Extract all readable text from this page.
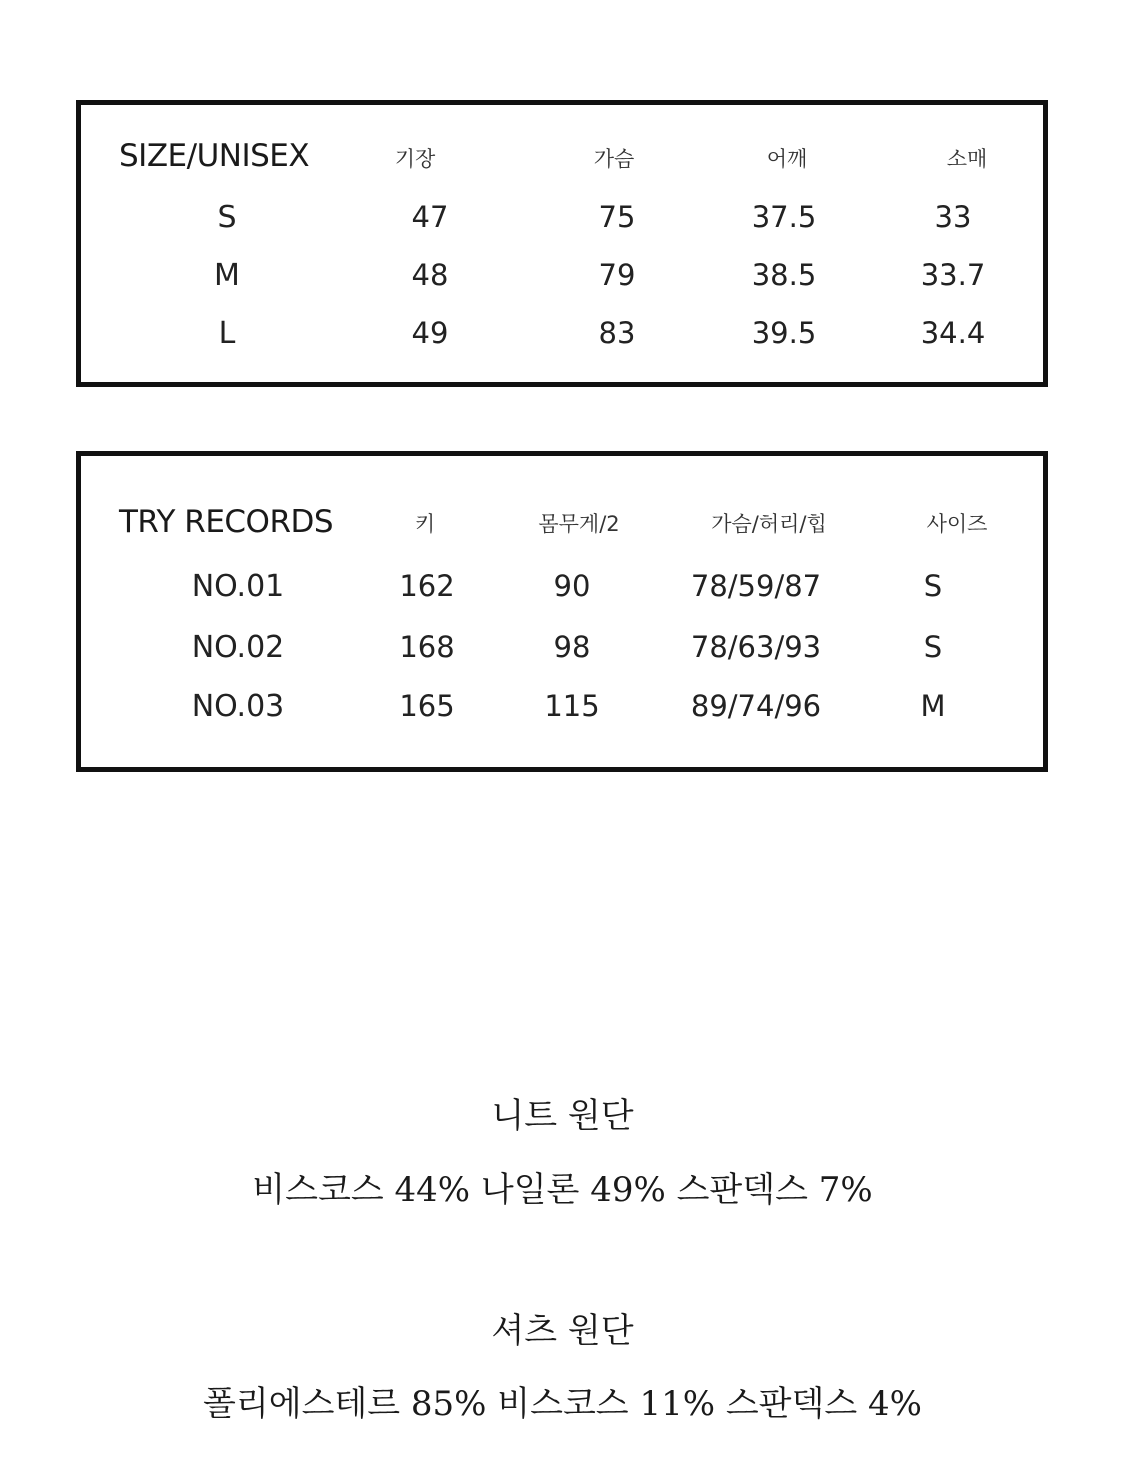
SIZE/UNISEX	기장	가슴	어깨	소매
S	47	75	37.5	33
M	48	79	38.5	33.7
L	49	83	39.5	34.4
TRY RECORDS	키	몸무게/2	가슴/허리/힙	사이즈
NO.01	162	90	78/59/87	S
NO.02	168	98	78/63/93	S
NO.03	165	115	89/74/96	M
니트 원단
비스코스 44% 나일론 49% 스판덱스 7%
셔츠 원단
폴리에스테르 85% 비스코스 11% 스판덱스 4%
